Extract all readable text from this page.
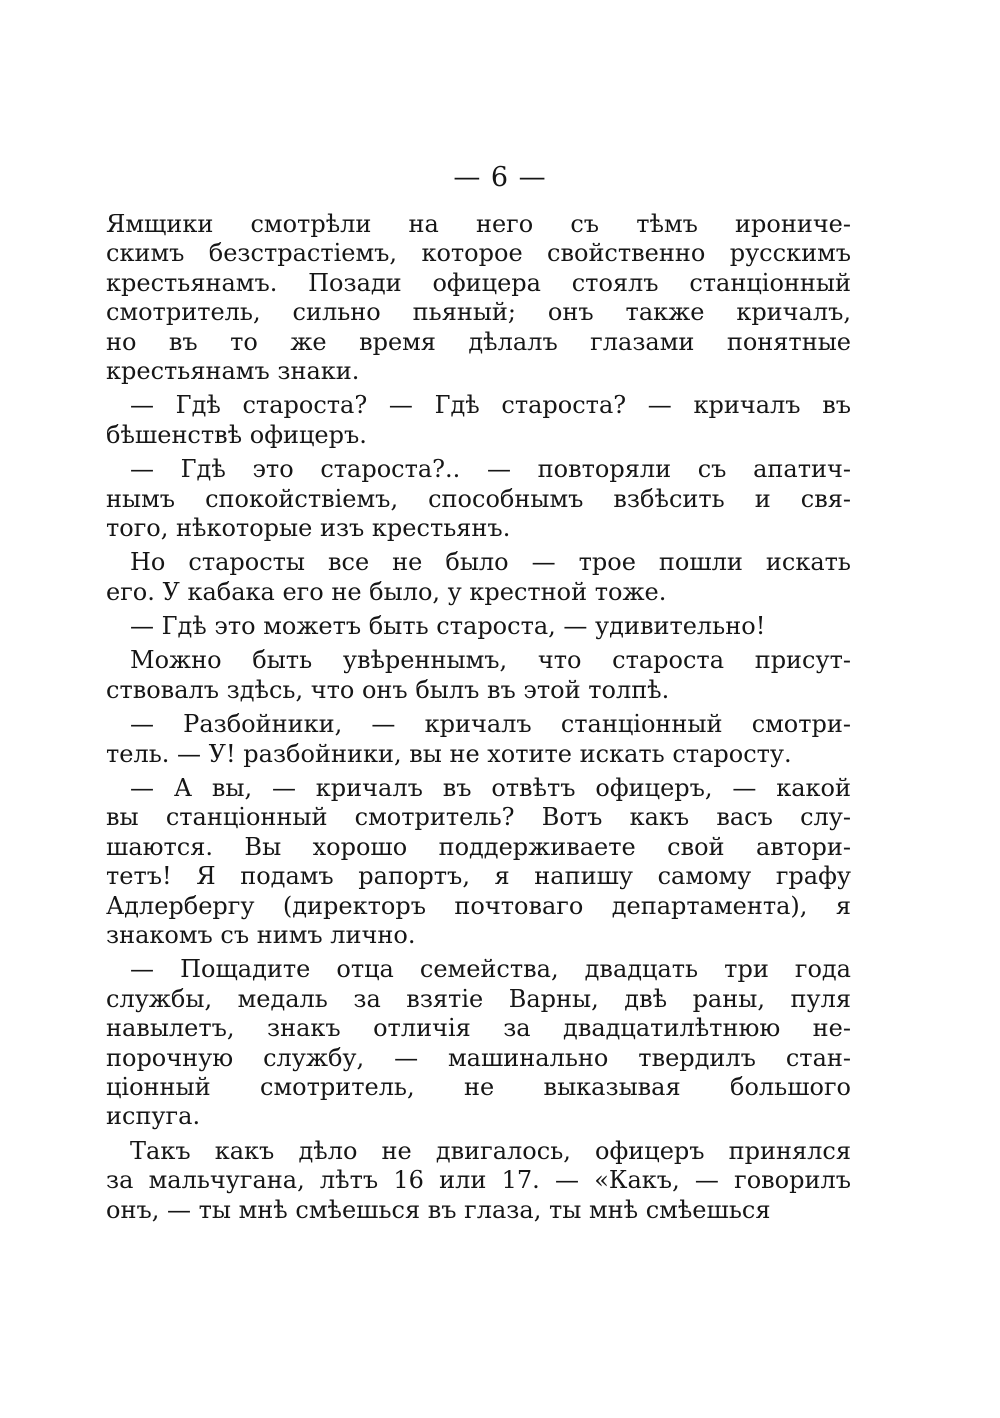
— 6 —
Ямщики смотрѣли на него съ тѣмъ ирониче-
скимъ безстрастіемъ, которое свойственно русскимъ
крестьянамъ. Позади офицера стоялъ станціонный
смотритель, сильно пьяный; онъ также кричалъ,
но въ то же время дѣлалъ глазами понятные
крестьянамъ знаки.
— Гдѣ староста? — Гдѣ староста? — кричалъ въ
бѣшенствѣ офицеръ.
— Гдѣ это староста?.. — повторяли съ апатич-
нымъ спокойствіемъ, способнымъ взбѣсить и свя-
того, нѣкоторые изъ крестьянъ.
Но старосты все не было — трое пошли искать
его. У кабака его не было, у крестной тоже.
— Гдѣ это можетъ быть староста, — удивительно!
Можно быть увѣреннымъ, что староста присут-
ствовалъ здѣсь, что онъ былъ въ этой толпѣ.
— Разбойники, — кричалъ станціонный смотри-
тель. — У! разбойники, вы не хотите искать старосту.
— А вы, — кричалъ въ отвѣтъ офицеръ, — какой
вы станціонный смотритель? Вотъ какъ васъ слу-
шаются. Вы хорошо поддерживаете свой автори-
тетъ! Я подамъ рапортъ, я напишу самому графу
Адлербергу (директоръ почтоваго департамента), я
знакомъ съ нимъ лично.
— Пощадите отца семейства, двадцать три года
службы, медаль за взятіе Варны, двѣ раны, пуля
навылетъ, знакъ отличія за двадцатилѣтнюю не-
порочную службу, — машинально твердилъ стан-
ціонный смотритель, не выказывая большого
испуга.
Такъ какъ дѣло не двигалось, офицеръ принялся
за мальчугана, лѣтъ 16 или 17. — «Какъ, — говорилъ
онъ, — ты мнѣ смѣешься въ глаза, ты мнѣ смѣешься
